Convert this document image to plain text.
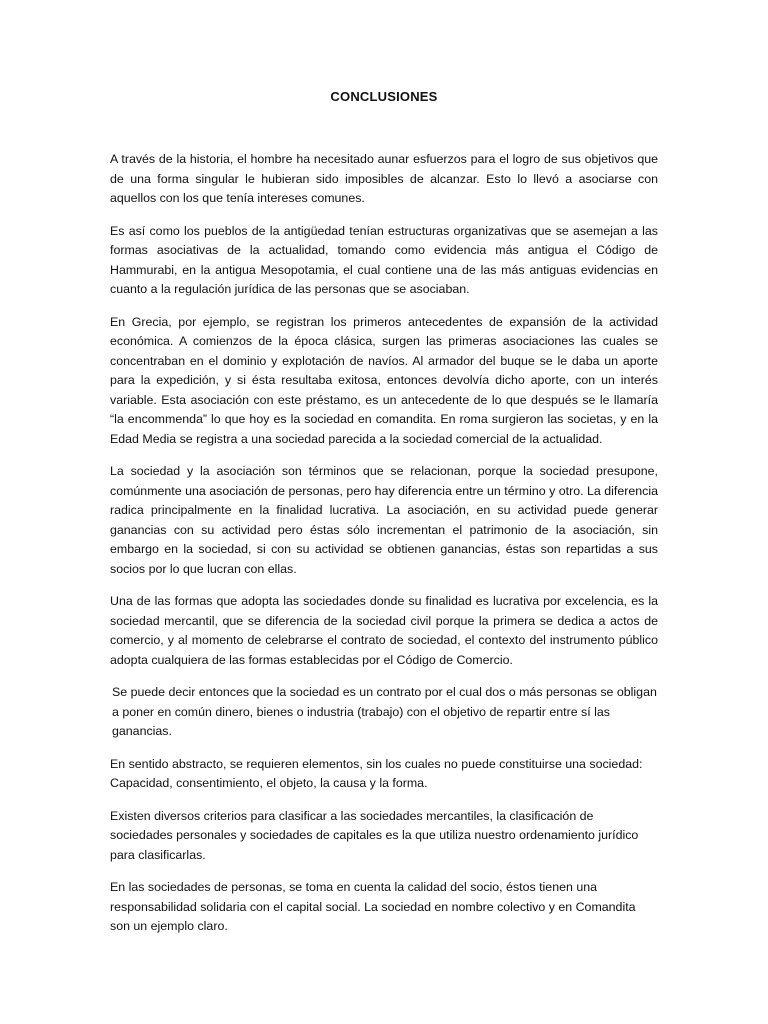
CONCLUSIONES

A través de la historia, el hombre ha necesitado aunar esfuerzos para el logro de sus objetivos que de una forma singular le hubieran sido imposibles de alcanzar. Esto lo llevó a asociarse con aquellos con los que tenía intereses comunes.

Es así como los pueblos de la antigüedad tenían estructuras organizativas que se asemejan a las formas asociativas de la actualidad, tomando como evidencia más antigua el Código de Hammurabi, en la antigua Mesopotamia, el cual contiene una de las más antiguas evidencias en cuanto a la regulación jurídica de las personas que se asociaban.

En Grecia, por ejemplo, se registran los primeros antecedentes de expansión de la actividad económica. A comienzos de la época clásica, surgen las primeras asociaciones las cuales se concentraban en el dominio y explotación de navíos. Al armador del buque se le daba un aporte para la expedición, y si ésta resultaba exitosa, entonces devolvía dicho aporte, con un interés variable. Esta asociación con este préstamo, es un antecedente de lo que después se le llamaría “la encommenda” lo que hoy es la sociedad en comandita. En roma surgieron las societas, y en la Edad Media se registra a una sociedad parecida a la sociedad comercial de la actualidad.

La sociedad y la asociación son términos que se relacionan, porque la sociedad presupone, comúnmente una asociación de personas, pero hay diferencia entre un término y otro. La diferencia radica principalmente en la finalidad lucrativa. La asociación, en su actividad puede generar ganancias con su actividad pero éstas sólo incrementan el patrimonio de la asociación, sin embargo en la sociedad, si con su actividad se obtienen ganancias, éstas son repartidas a sus socios por lo que lucran con ellas.

Una de las formas que adopta las sociedades donde su finalidad es lucrativa por excelencia, es la sociedad mercantil, que se diferencia de la sociedad civil porque la primera se dedica a actos de comercio, y al momento de celebrarse el contrato de sociedad, el contexto del instrumento público adopta cualquiera de las formas establecidas por el Código de Comercio.

Se puede decir entonces que la sociedad es un contrato por el cual dos o más personas se obligan a poner en común dinero, bienes o industria (trabajo) con el objetivo de repartir entre sí las ganancias.

En sentido abstracto, se requieren elementos, sin los cuales no puede constituirse una sociedad: Capacidad, consentimiento, el objeto, la causa y la forma.

Existen diversos criterios para clasificar a las sociedades mercantiles, la clasificación de sociedades personales y sociedades de capitales es la que utiliza nuestro ordenamiento jurídico para clasificarlas.

En las sociedades de personas, se toma en cuenta la calidad del socio, éstos tienen una responsabilidad solidaria con el capital social. La sociedad en nombre colectivo y en Comandita son un ejemplo claro.
